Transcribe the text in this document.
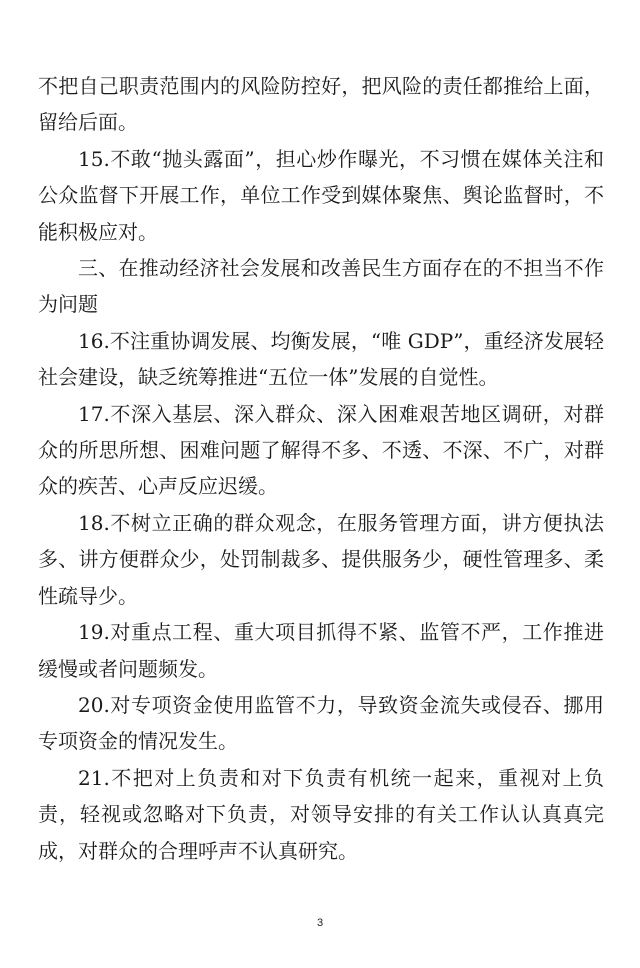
不把自己职责范围内的风险防控好，把风险的责任都推给上面，留给后面。

15.不敢“抛头露面”，担心炒作曝光，不习惯在媒体关注和公众监督下开展工作，单位工作受到媒体聚焦、舆论监督时，不能积极应对。

三、在推动经济社会发展和改善民生方面存在的不担当不作为问题

16.不注重协调发展、均衡发展，“唯 GDP”，重经济发展轻社会建设，缺乏统筹推进“五位一体”发展的自觉性。

17.不深入基层、深入群众、深入困难艰苦地区调研，对群众的所思所想、困难问题了解得不多、不透、不深、不广，对群众的疾苦、心声反应迟缓。

18.不树立正确的群众观念，在服务管理方面，讲方便执法多、讲方便群众少，处罚制裁多、提供服务少，硬性管理多、柔性疏导少。

19.对重点工程、重大项目抓得不紧、监管不严，工作推进缓慢或者问题频发。

20.对专项资金使用监管不力，导致资金流失或侵吞、挪用专项资金的情况发生。

21.不把对上负责和对下负责有机统一起来，重视对上负责，轻视或忽略对下负责，对领导安排的有关工作认认真真完成，对群众的合理呼声不认真研究。

3
